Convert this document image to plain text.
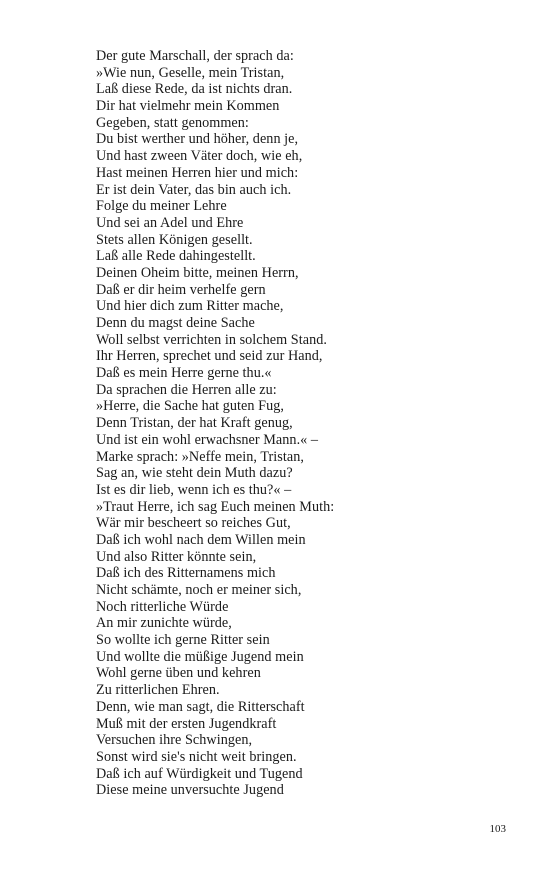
Der gute Marschall, der sprach da:
»Wie nun, Geselle, mein Tristan,
Laß diese Rede, da ist nichts dran.
Dir hat vielmehr mein Kommen
Gegeben, statt genommen:
Du bist werther und höher, denn je,
Und hast zween Väter doch, wie eh,
Hast meinen Herren hier und mich:
Er ist dein Vater, das bin auch ich.
Folge du meiner Lehre
Und sei an Adel und Ehre
Stets allen Königen gesellt.
Laß alle Rede dahingestellt.
Deinen Oheim bitte, meinen Herrn,
Daß er dir heim verhelfe gern
Und hier dich zum Ritter mache,
Denn du magst deine Sache
Woll selbst verrichten in solchem Stand.
Ihr Herren, sprechet und seid zur Hand,
Daß es mein Herre gerne thu.«
Da sprachen die Herren alle zu:
»Herre, die Sache hat guten Fug,
Denn Tristan, der hat Kraft genug,
Und ist ein wohl erwachsner Mann.« –
Marke sprach: »Neffe mein, Tristan,
Sag an, wie steht dein Muth dazu?
Ist es dir lieb, wenn ich es thu?« –
»Traut Herre, ich sag Euch meinen Muth:
Wär mir bescheert so reiches Gut,
Daß ich wohl nach dem Willen mein
Und also Ritter könnte sein,
Daß ich des Ritternamens mich
Nicht schämte, noch er meiner sich,
Noch ritterliche Würde
An mir zunichte würde,
So wollte ich gerne Ritter sein
Und wollte die müßige Jugend mein
Wohl gerne üben und kehren
Zu ritterlichen Ehren.
Denn, wie man sagt, die Ritterschaft
Muß mit der ersten Jugendkraft
Versuchen ihre Schwingen,
Sonst wird sie's nicht weit bringen.
Daß ich auf Würdigkeit und Tugend
Diese meine unversuchte Jugend
103
